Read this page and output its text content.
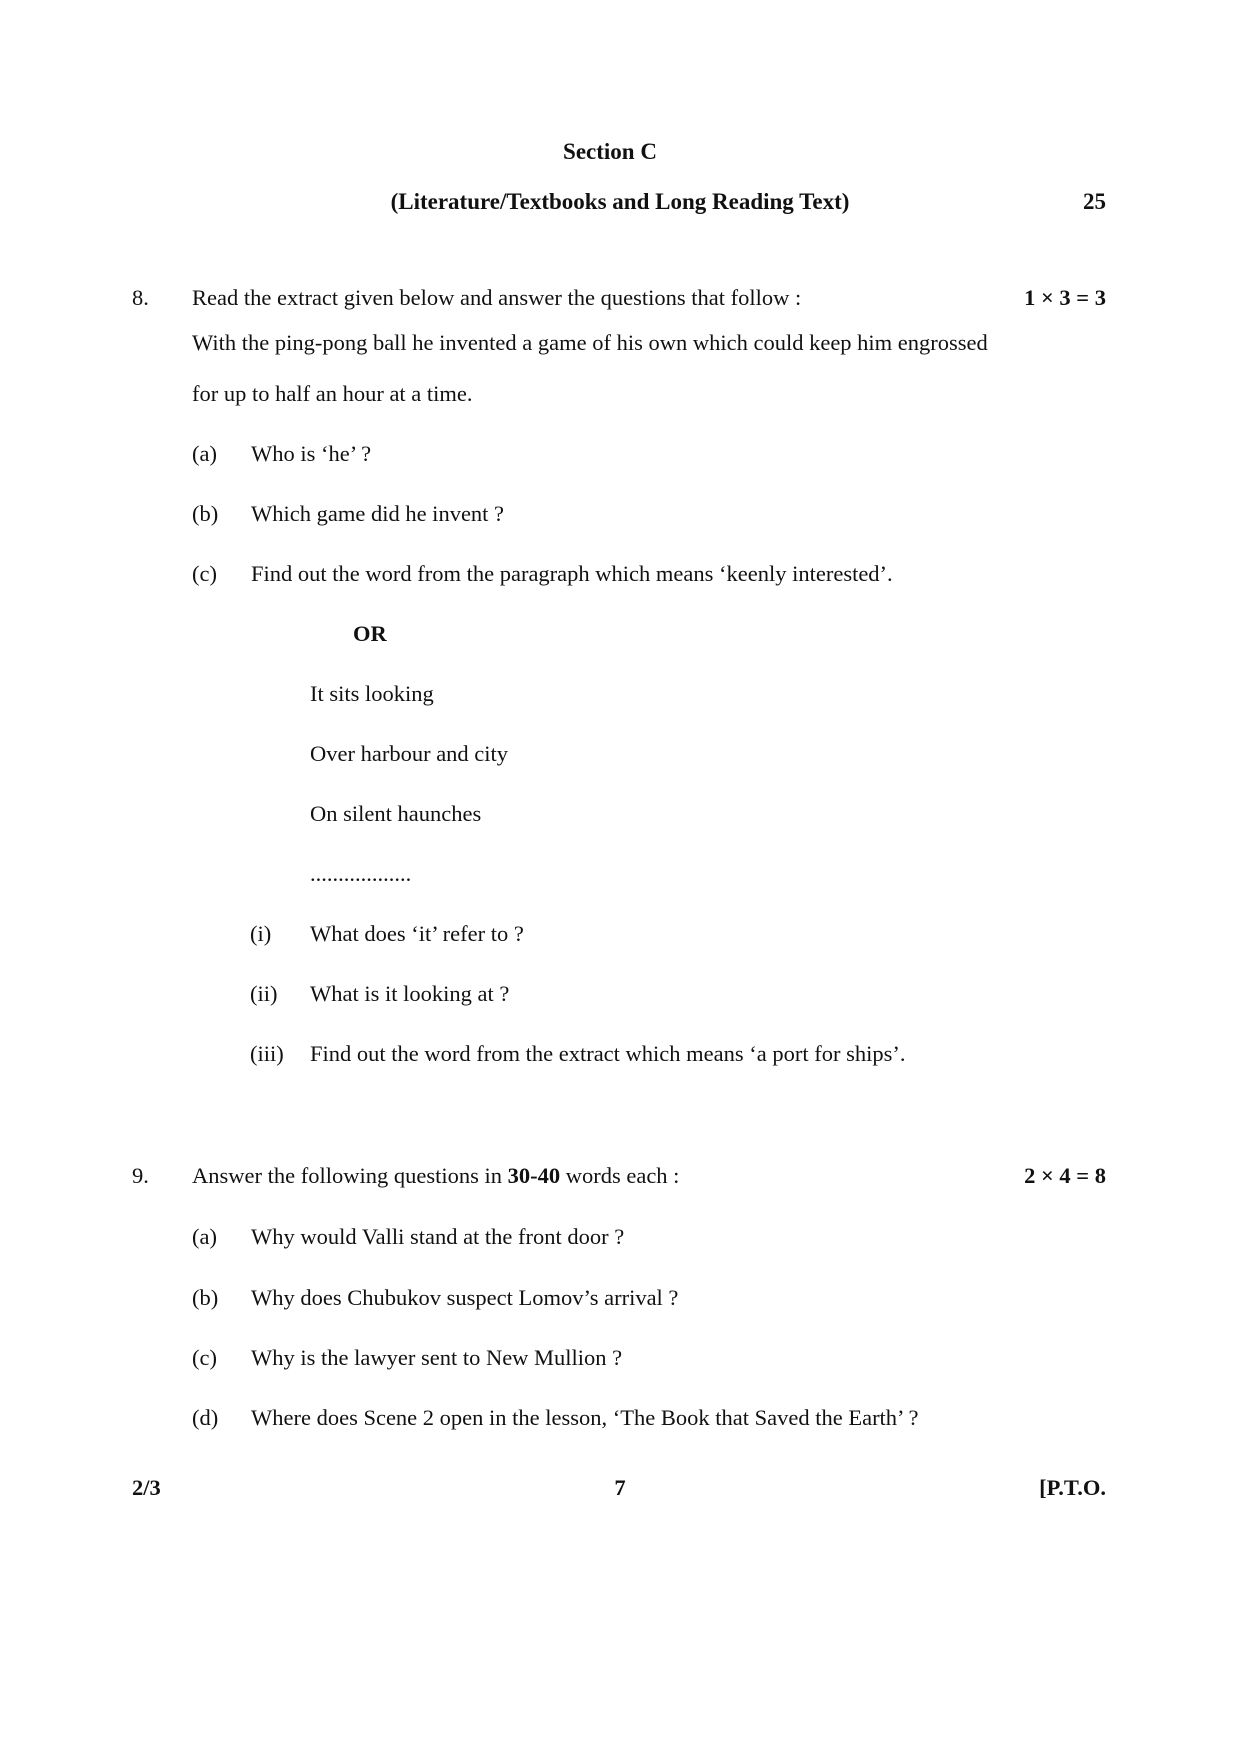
Section C
(Literature/Textbooks and Long Reading Text)	25
8. Read the extract given below and answer the questions that follow :	1 × 3 = 3
With the ping-pong ball he invented a game of his own which could keep him engrossed
for up to half an hour at a time.
(a) Who is ‘he’ ?
(b) Which game did he invent ?
(c) Find out the word from the paragraph which means ‘keenly interested’.
OR
It sits looking
Over harbour and city
On silent haunches
..................
(i) What does ‘it’ refer to ?
(ii) What is it looking at ?
(iii) Find out the word from the extract which means ‘a port for ships’.
9. Answer the following questions in 30-40 words each :	2 × 4 = 8
(a) Why would Valli stand at the front door ?
(b) Why does Chubukov suspect Lomov’s arrival ?
(c) Why is the lawyer sent to New Mullion ?
(d) Where does Scene 2 open in the lesson, ‘The Book that Saved the Earth’ ?
2/3	7	[P.T.O.
